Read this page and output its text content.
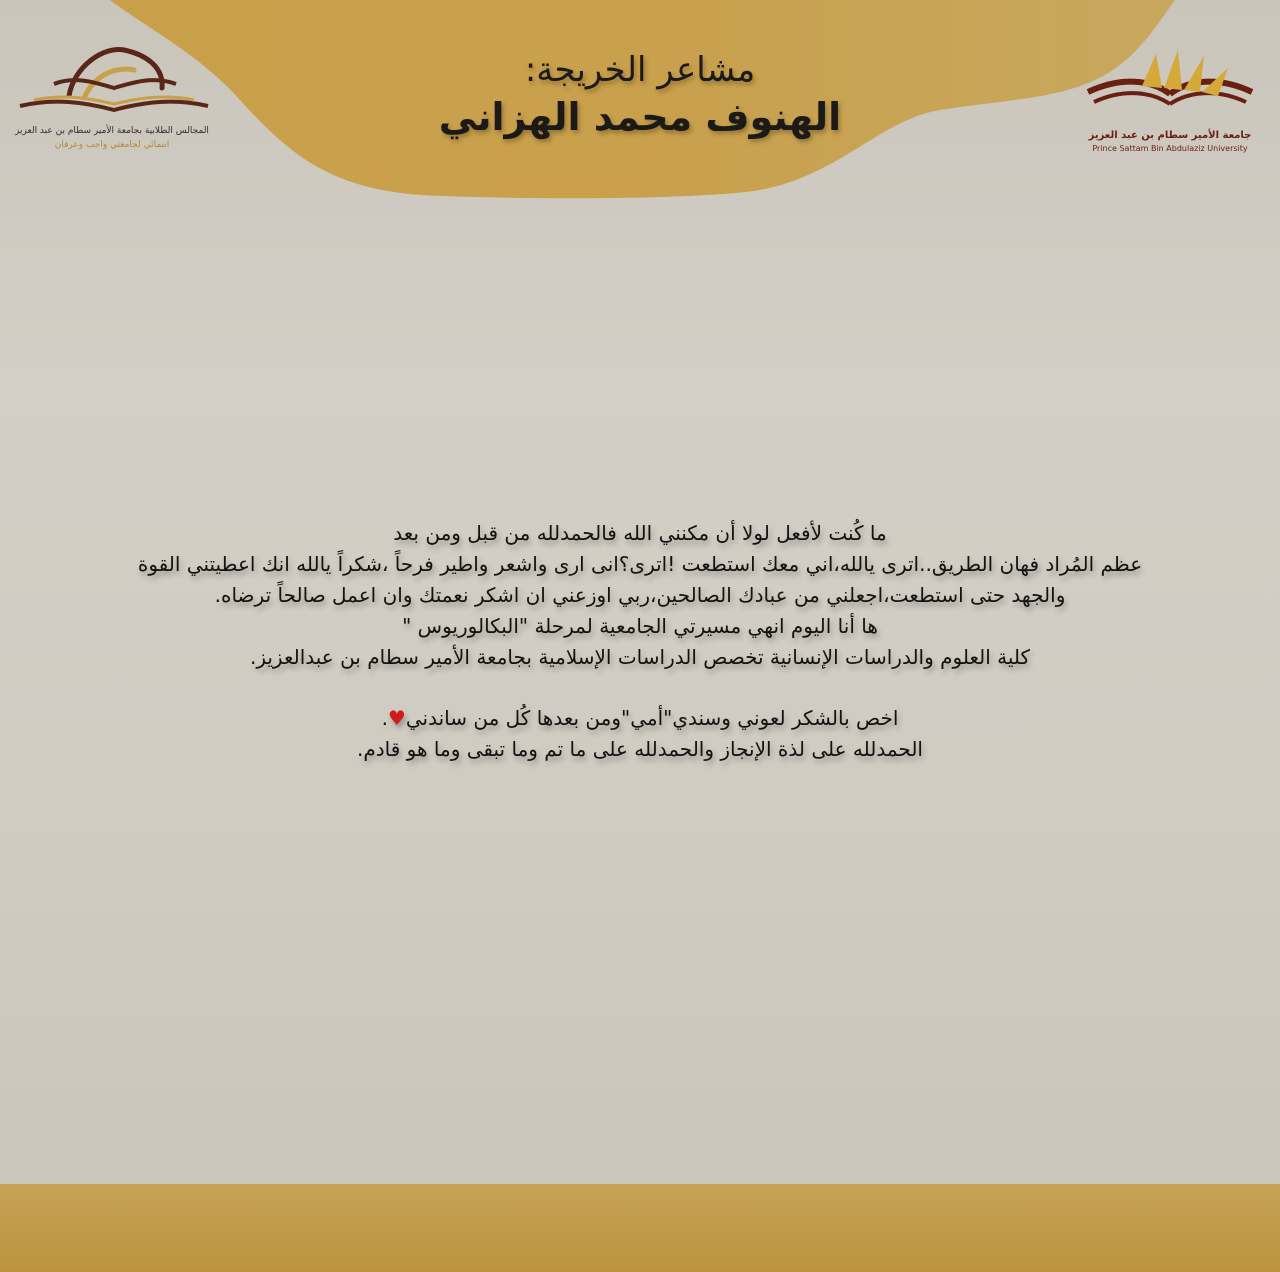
مشاعر الخريجة:
الهنوف محمد الهزاني
المجالس الطلابية بجامعة الأمير سطام بن عبد العزيز
انتمائي لجامعتي واجب وعرفان
جامعة الأمير سطام بن عبد العزيز
Prince Sattam Bin Abdulaziz University
ما كُنت لأفعل لولا أن مكنني الله فالحمدلله من قبل ومن بعد
عظم المُراد فهان الطريق..اترى يالله،اني معك استطعت !اترى؟انى ارى واشعر واطير فرحاً ،شكراً يالله انك اعطيتني القوة
والجهد حتى استطعت،اجعلني من عبادك الصالحين،ربي اوزعني ان اشكر نعمتك وان اعمل صالحاً ترضاه.
ها أنا اليوم انهي مسيرتي الجامعية لمرحلة "البكالوريوس "
كلية العلوم والدراسات الإنسانية تخصص الدراسات الإسلامية بجامعة الأمير سطام بن عبدالعزيز.
اخص بالشكر لعوني وسندي"أمي"ومن بعدها كُل من ساندني♥.
الحمدلله على لذة الإنجاز والحمدلله على ما تم وما تبقى وما هو قادم.
